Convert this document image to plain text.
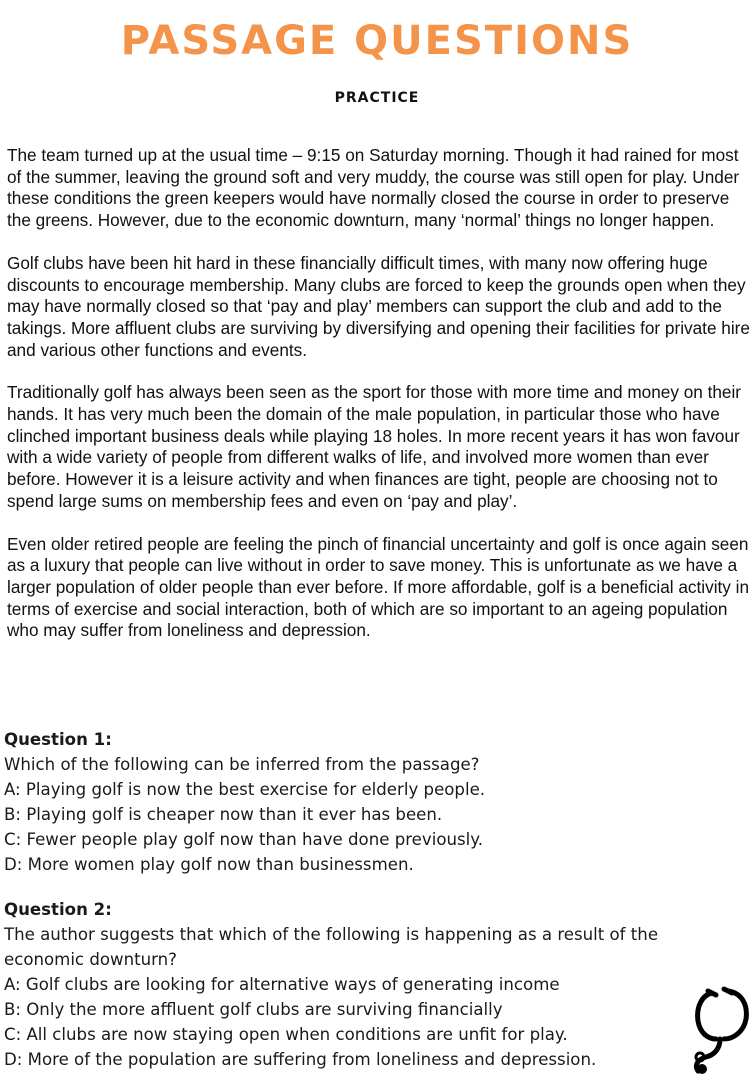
PASSAGE QUESTIONS
PRACTICE

The team turned up at the usual time – 9:15 on Saturday morning. Though it had rained for most of the summer, leaving the ground soft and very muddy, the course was still open for play. Under these conditions the green keepers would have normally closed the course in order to preserve the greens. However, due to the economic downturn, many ‘normal’ things no longer happen.

Golf clubs have been hit hard in these financially difficult times, with many now offering huge discounts to encourage membership. Many clubs are forced to keep the grounds open when they may have normally closed so that ‘pay and play’ members can support the club and add to the takings. More affluent clubs are surviving by diversifying and opening their facilities for private hire and various other functions and events.

Traditionally golf has always been seen as the sport for those with more time and money on their hands. It has very much been the domain of the male population, in particular those who have clinched important business deals while playing 18 holes. In more recent years it has won favour with a wide variety of people from different walks of life, and involved more women than ever before. However it is a leisure activity and when finances are tight, people are choosing not to spend large sums on membership fees and even on ‘pay and play’.

Even older retired people are feeling the pinch of financial uncertainty and golf is once again seen as a luxury that people can live without in order to save money. This is unfortunate as we have a larger population of older people than ever before. If more affordable, golf is a beneficial activity in terms of exercise and social interaction, both of which are so important to an ageing population who may suffer from loneliness and depression.

Question 1:
Which of the following can be inferred from the passage?
A: Playing golf is now the best exercise for elderly people.
B: Playing golf is cheaper now than it ever has been.
C: Fewer people play golf now than have done previously.
D: More women play golf now than businessmen.
Question 2:
The author suggests that which of the following is happening as a result of the economic downturn?
A: Golf clubs are looking for alternative ways of generating income
B: Only the more affluent golf clubs are surviving financially
C: All clubs are now staying open when conditions are unfit for play.
D: More of the population are suffering from loneliness and depression.
